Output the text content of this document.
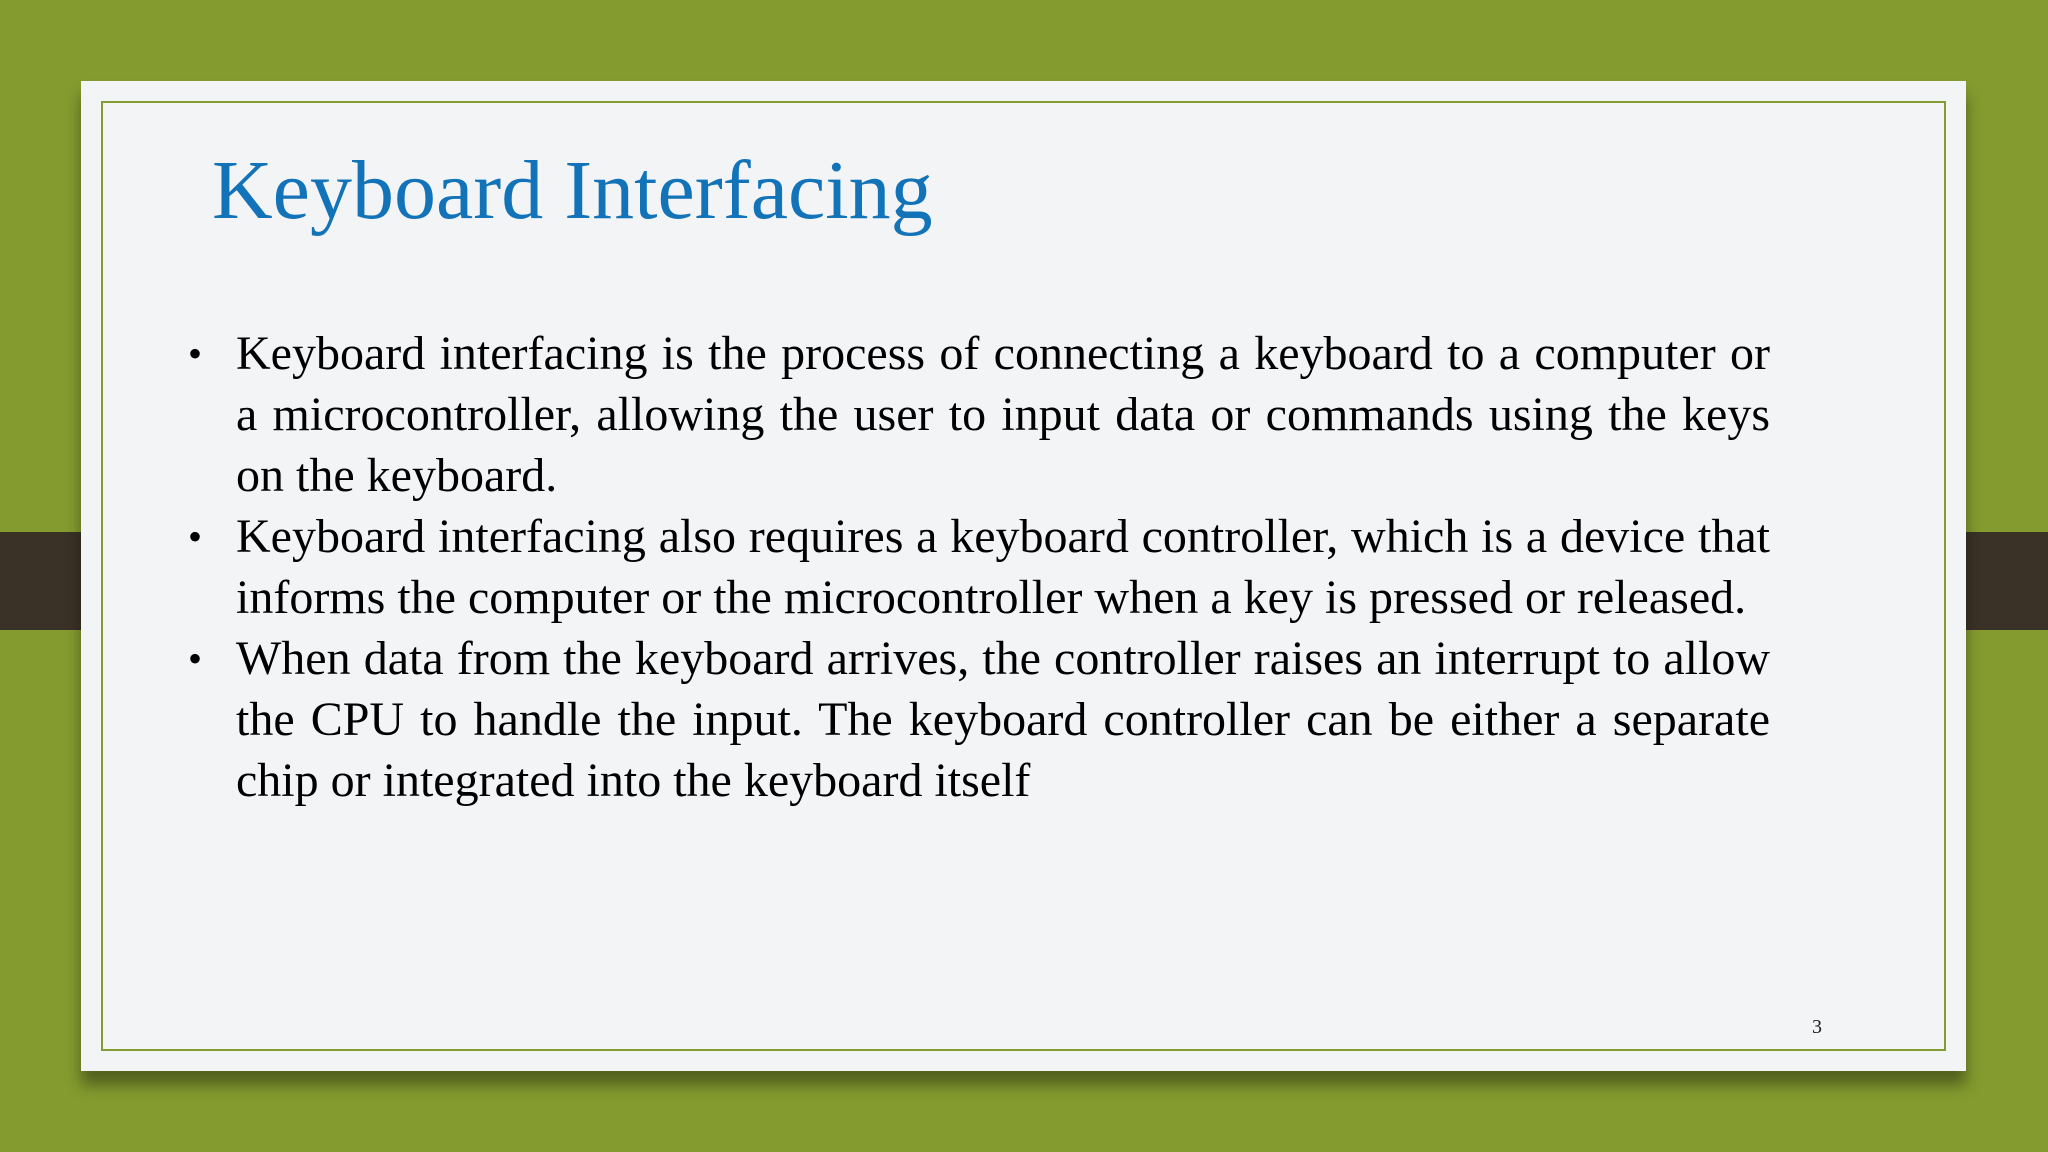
Keyboard Interfacing
• Keyboard interfacing is the process of connecting a keyboard to a computer or a microcontroller, allowing the user to input data or commands using the keys on the keyboard.
• Keyboard interfacing also requires a keyboard controller, which is a device that informs the computer or the microcontroller when a key is pressed or released.
• When data from the keyboard arrives, the controller raises an interrupt to allow the CPU to handle the input. The keyboard controller can be either a separate chip or integrated into the keyboard itself
3
